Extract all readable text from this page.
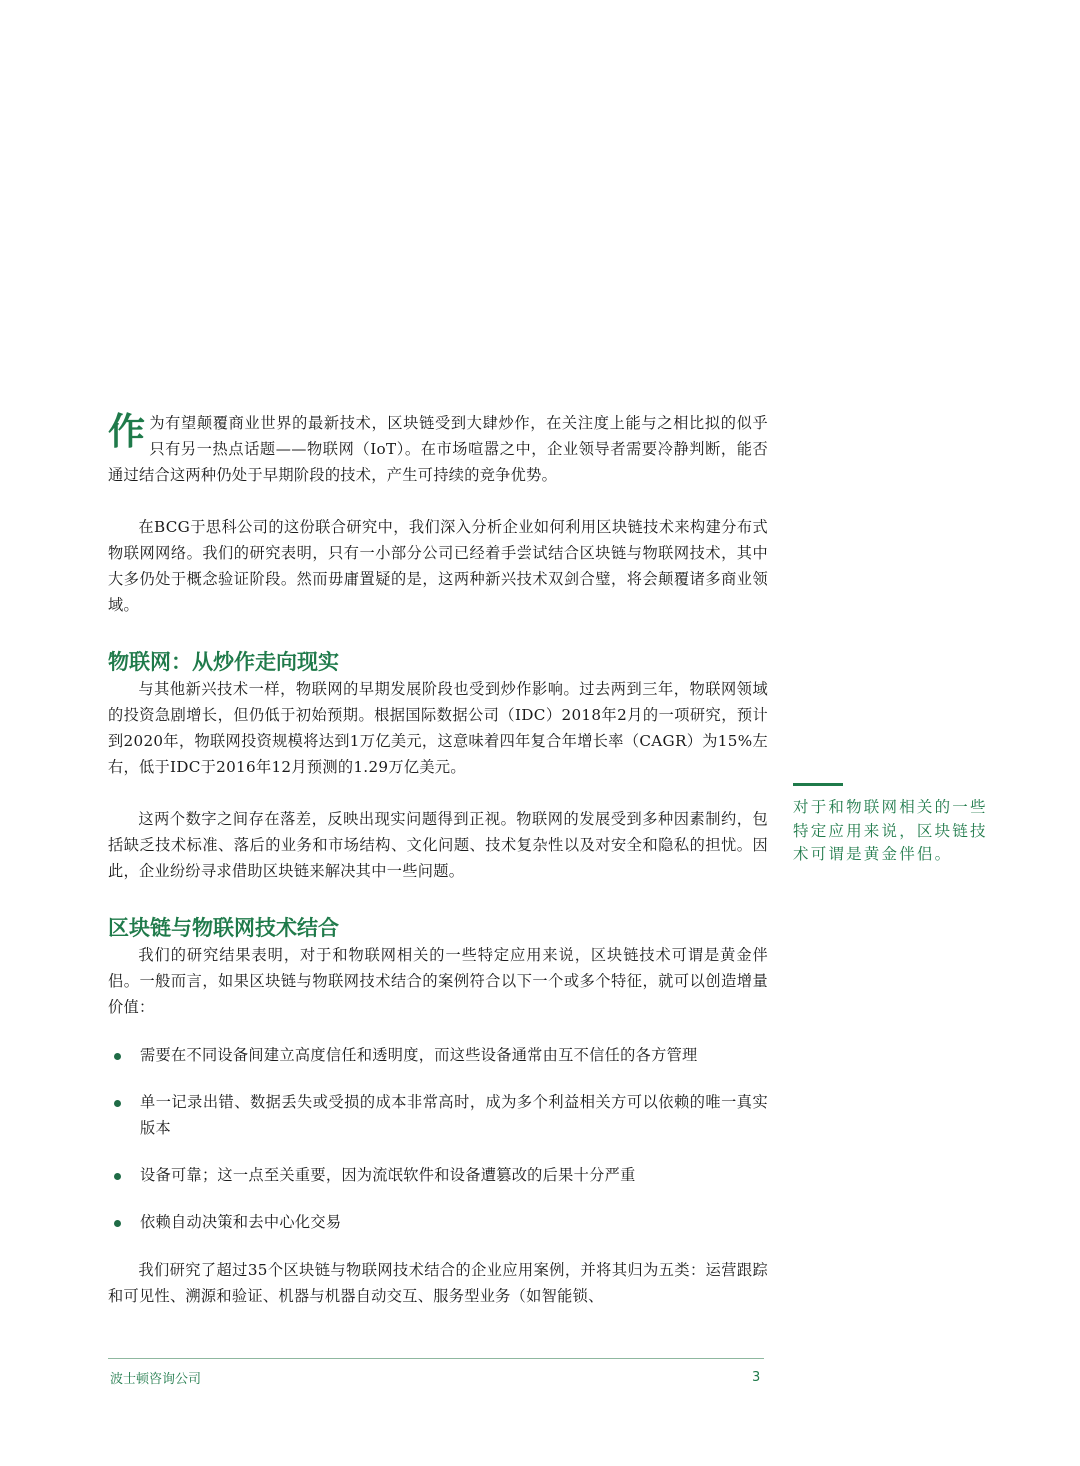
作为有望颠覆商业世界的最新技术，区块链受到大肆炒作，在关注度上能与之相比拟的似乎只有另一热点话题——物联网（IoT）。在市场喧嚣之中，企业领导者需要冷静判断，能否通过结合这两种仍处于早期阶段的技术，产生可持续的竞争优势。

在BCG于思科公司的这份联合研究中，我们深入分析企业如何利用区块链技术来构建分布式物联网网络。我们的研究表明，只有一小部分公司已经着手尝试结合区块链与物联网技术，其中大多仍处于概念验证阶段。然而毋庸置疑的是，这两种新兴技术双剑合璧，将会颠覆诸多商业领域。

物联网：从炒作走向现实

与其他新兴技术一样，物联网的早期发展阶段也受到炒作影响。过去两到三年，物联网领域的投资急剧增长，但仍低于初始预期。根据国际数据公司（IDC）2018年2月的一项研究，预计到2020年，物联网投资规模将达到1万亿美元，这意味着四年复合年增长率（CAGR）为15%左右，低于IDC于2016年12月预测的1.29万亿美元。

这两个数字之间存在落差，反映出现实问题得到正视。物联网的发展受到多种因素制约，包括缺乏技术标准、落后的业务和市场结构、文化问题、技术复杂性以及对安全和隐私的担忧。因此，企业纷纷寻求借助区块链来解决其中一些问题。

区块链与物联网技术结合

我们的研究结果表明，对于和物联网相关的一些特定应用来说，区块链技术可谓是黄金伴侣。一般而言，如果区块链与物联网技术结合的案例符合以下一个或多个特征，就可以创造增量价值：

需要在不同设备间建立高度信任和透明度，而这些设备通常由互不信任的各方管理
单一记录出错、数据丢失或受损的成本非常高时，成为多个利益相关方可以依赖的唯一真实版本
设备可靠；这一点至关重要，因为流氓软件和设备遭篡改的后果十分严重
依赖自动决策和去中心化交易

我们研究了超过35个区块链与物联网技术结合的企业应用案例，并将其归为五类：运营跟踪和可见性、溯源和验证、机器与机器自动交互、服务型业务（如智能锁、

对于和物联网相关的一些特定应用来说，区块链技术可谓是黄金伴侣。

波士顿咨询公司	3
